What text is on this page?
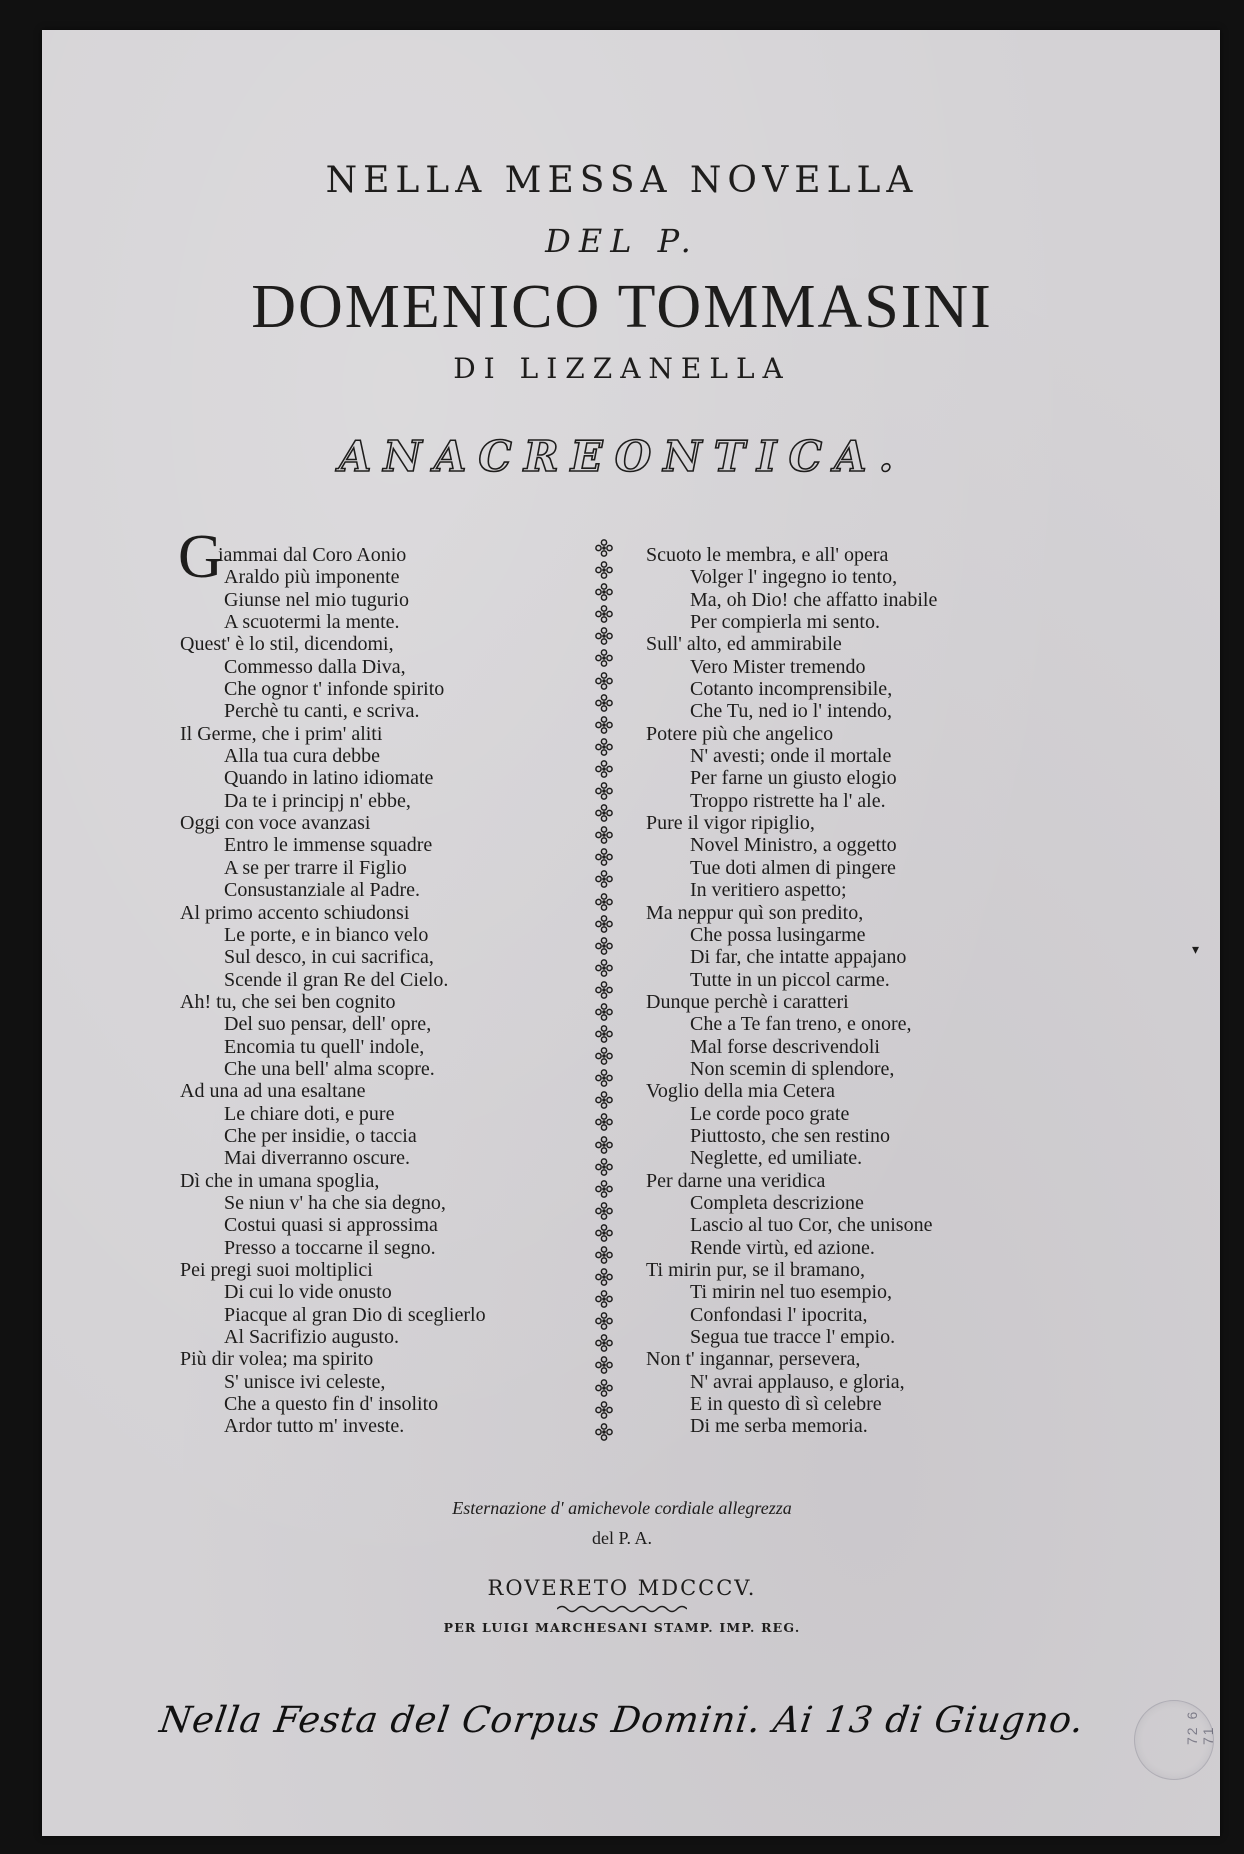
NELLA MESSA NOVELLA
DEL P.
DOMENICO TOMMASINI
DI LIZZANELLA
ANACREONTICA.
iammai dal Coro Aonio
Araldo più imponente
Giunse nel mio tugurio
A scuotermi la mente.
Quest' è lo stil, dicendomi,
Commesso dalla Diva,
Che ognor t' infonde spirito
Perchè tu canti, e scriva.
Il Germe, che i prim' aliti
Alla tua cura debbe
Quando in latino idiomate
Da te i principj n' ebbe,
Oggi con voce avanzasi
Entro le immense squadre
A se per trarre il Figlio
Consustanziale al Padre.
Al primo accento schiudonsi
Le porte, e in bianco velo
Sul desco, in cui sacrifica,
Scende il gran Re del Cielo.
Ah! tu, che sei ben cognito
Del suo pensar, dell' opre,
Encomia tu quell' indole,
Che una bell' alma scopre.
Ad una ad una esaltane
Le chiare doti, e pure
Che per insidie, o taccia
Mai diverranno oscure.
Dì che in umana spoglia,
Se niun v' ha che sia degno,
Costui quasi si approssima
Presso a toccarne il segno.
Pei pregi suoi moltiplici
Di cui lo vide onusto
Piacque al gran Dio di sceglierlo
Al Sacrifizio augusto.
Più dir volea; ma spirito
S' unisce ivi celeste,
Che a questo fin d' insolito
Ardor tutto m' investe.
Scuoto le membra, e all' opera
Volger l' ingegno io tento,
Ma, oh Dio! che affatto inabile
Per compierla mi sento.
Sull' alto, ed ammirabile
Vero Mister tremendo
Cotanto incomprensibile,
Che Tu, ned io l' intendo,
Potere più che angelico
N' avesti; onde il mortale
Per farne un giusto elogio
Troppo ristrette ha l' ale.
Pure il vigor ripiglio,
Novel Ministro, a oggetto
Tue doti almen di pingere
In veritiero aspetto;
Ma neppur quì son predito,
Che possa lusingarme
Di far, che intatte appajano
Tutte in un piccol carme.
Dunque perchè i caratteri
Che a Te fan treno, e onore,
Mal forse descrivendoli
Non scemin di splendore,
Voglio della mia Cetera
Le corde poco grate
Piuttosto, che sen restino
Neglette, ed umiliate.
Per darne una veridica
Completa descrizione
Lascio al tuo Cor, che unisone
Rende virtù, ed azione.
Ti mirin pur, se il bramano,
Ti mirin nel tuo esempio,
Confondasi l' ipocrita,
Segua tue tracce l' empio.
Non t' ingannar, persevera,
N' avrai applauso, e gloria,
E in questo dì sì celebre
Di me serba memoria.
Esternazione d' amichevole cordiale allegrezza
del P. A.
ROVERETO MDCCCV.
PER LUIGI MARCHESANI STAMP. IMP. REG.
Nella Festa del Corpus Domini. Ai 13 di Giugno.	72 6 71
▾
G
